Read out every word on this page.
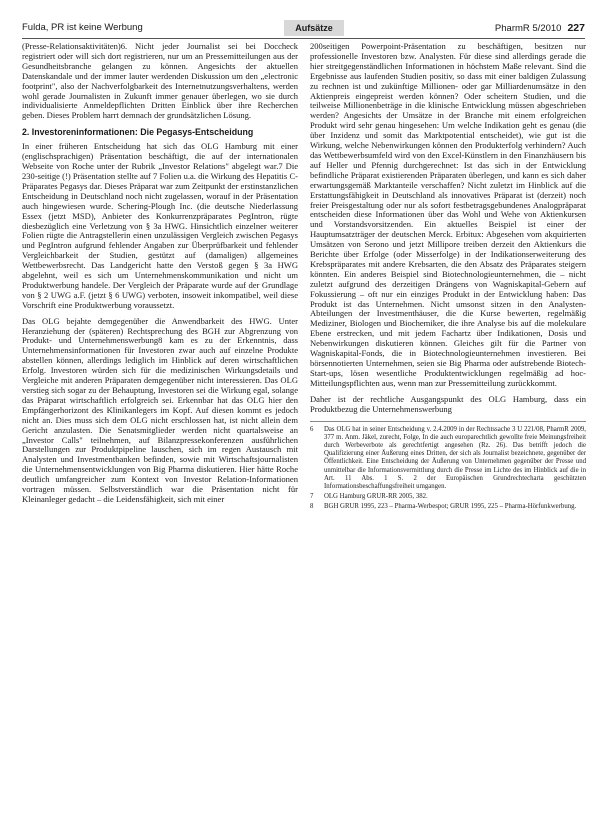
Fulda, PR ist keine Werbung	Aufsätze	PharmR 5/2010 227

(Presse-Relationsaktivitäten)6. Nicht jeder Journalist sei bei Doccheck registriert oder will sich dort registrieren, nur um an Pressemitteilungen aus der Gesundheitsbranche gelangen zu können. Angesichts der aktuellen Datenskandale und der immer lauter werdenden Diskussion um den „electronic footprint", also der Nachverfolgbarkeit des Internetnutzungsverhaltens, werden wohl gerade Journalisten in Zukunft immer genauer überlegen, wo sie durch individualisierte Anmeldepflichten Dritten Einblick über ihre Recherchen geben. Dieses Problem harrt demnach der grundsätzlichen Lösung.

2. Investoreninformationen: Die Pegasys-Entscheidung

In einer früheren Entscheidung hat sich das OLG Hamburg mit einer (englischsprachigen) Präsentation beschäftigt, die auf der internationalen Webseite von Roche unter der Rubrik „Investor Relations" abgelegt war.7 Die 230-seitige (!) Präsentation stellte auf 7 Folien u.a. die Wirkung des Hepatitis C-Präparates Pegasys dar. Dieses Präparat war zum Zeitpunkt der erstinstanzlichen Entscheidung in Deutschland noch nicht zugelassen, worauf in der Präsentation auch hingewiesen wurde. Schering-Plough Inc. (die deutsche Niederlassung Essex (jetzt MSD), Anbieter des Konkurrenzpräparates PegIntron, rügte diesbezüglich eine Verletzung von § 3a HWG. Hinsichtlich einzelner weiterer Folien rügte die Antragstellerin einen unzulässigen Vergleich zwischen Pegasys und PegIntron aufgrund fehlender Angaben zur Überprüfbarkeit und fehlender Vergleichbarkeit der Studien, gestützt auf (damaligen) allgemeines Wettbewerbsrecht. Das Landgericht hatte den Verstoß gegen § 3a HWG abgelehnt, weil es sich um Unternehmenskommunikation und nicht um Produktwerbung handele. Der Vergleich der Präparate wurde auf der Grundlage von § 2 UWG a.F. (jetzt § 6 UWG) verboten, insoweit inkompatibel, weil diese Vorschrift eine Produktwerbung voraussetzt.

Das OLG bejahte demgegenüber die Anwendbarkeit des HWG. Unter Heranziehung der (späteren) Rechtsprechung des BGH zur Abgrenzung von Produkt- und Unternehmenswerbung8 kam es zu der Erkenntnis, dass Unternehmensinformationen für Investoren zwar auch auf einzelne Produkte abstellen können, allerdings lediglich im Hinblick auf deren wirtschaftlichen Erfolg. Investoren würden sich für die medizinischen Wirkungsdetails und Vergleiche mit anderen Präparaten demgegenüber nicht interessieren. Das OLG verstieg sich sogar zu der Behauptung, Investoren sei die Wirkung egal, solange das Präparat wirtschaftlich erfolgreich sei. Erkennbar hat das OLG hier den Empfängerhorizont des Klinikanlegers im Kopf. Auf diesen kommt es jedoch nicht an. Dies muss sich dem OLG nicht erschlossen hat, ist nicht allein dem Gericht anzulasten. Die Senatsmitglieder werden nicht quartalsweise an „Investor Calls" teilnehmen, auf Bilanzpressekonferenzen ausführlichen Darstellungen zur Produktpipeline lauschen, sich im regen Austausch mit Analysten und Investmentbanken befinden, sowie mit Wirtschaftsjournalisten die Unternehmensentwicklungen von Big Pharma diskutieren. Hier hätte Roche deutlich umfangreicher zum Kontext von Investor Relation-Informationen vortragen müssen. Selbstverständlich war die Präsentation nicht für Kleinanleger gedacht – die Leidensfähigkeit, sich mit einer

200seitigen Powerpoint-Präsentation zu beschäftigen, besitzen nur professionelle Investoren bzw. Analysten. Für diese sind allerdings gerade die hier streitgegenständlichen Informationen in höchstem Maße relevant. Sind die Ergebnisse aus laufenden Studien positiv, so dass mit einer baldigen Zulassung zu rechnen ist und zukünftige Millionen- oder gar Milliardenumsätze in den Aktienpreis eingepreist werden können? Oder scheitern Studien, und die teilweise Millionenbeträge in die klinische Entwicklung müssen abgeschrieben werden? Angesichts der Umsätze in der Branche mit einem erfolgreichen Produkt wird sehr genau hingesehen: Um welche Indikation geht es genau (die über Inzidenz und somit das Marktpotential entscheidet), wie gut ist die Wirkung, welche Nebenwirkungen können den Produkterfolg verhindern? Auch das Wettbewerbsumfeld wird von den Excel-Künstlern in den Finanzhäusern bis auf Heller und Pfennig durchgerechnet: Ist das sich in der Entwicklung befindliche Präparat existierenden Präparaten überlegen, und kann es sich daher erwartungsgemäß Marktanteile verschaffen? Nicht zuletzt im Hinblick auf die Erstattungsfähigkeit in Deutschland als innovatives Präparat ist (derzeit) noch freier Preisgestaltung oder nur als sofort festbetragsgebundenes Analogpräparat entscheiden diese Informationen über das Wohl und Wehe von Aktienkursen und Vorstandsvorsitzenden. Ein aktuelles Beispiel ist einer der Hauptumsatzträger der deutschen Merck. Erbitux: Abgesehen vom akquirierten Umsätzen von Serono und jetzt Millipore treiben derzeit den Aktienkurs die Berichte über Erfolge (oder Misserfolge) in der Indikationserweiterung des Krebspräparates mit andere Krebsarten, die den Absatz des Präparates steigern könnten. Ein anderes Beispiel sind Biotechnologieunternehmen, die – nicht zuletzt aufgrund des derzeitigen Drängens von Wagniskapital-Gebern auf Fokussierung – oft nur ein einziges Produkt in der Entwicklung haben: Das Produkt ist das Unternehmen. Nicht umsonst sitzen in den Analysten-Abteilungen der Investmenthäuser, die die Kurse bewerten, regelmäßig Mediziner, Biologen und Biochemiker, die ihre Analyse bis auf die molekulare Ebene erstrecken, und mit jedem Fachartz über Indikationen, Dosis und Nebenwirkungen diskutieren können. Gleiches gilt für die Partner von Wagniskapital-Fonds, die in Biotechnologieunternehmen investieren. Bei börsennotierten Unternehmen, seien sie Big Pharma oder aufstrebende Biotech-Start-ups, lösen wesentliche Produktentwicklungen regelmäßig ad hoc-Mitteilungspflichten aus, wenn man zur Pressemitteilung zurückkommt.

Daher ist der rechtliche Ausgangspunkt des OLG Hamburg, dass ein Produktbezug die Unternehmenswerbung

6	Das OLG hat in seiner Entscheidung v. 2.4.2009 in der Rechtssache 3 U 221/08, PharmR 2009, 377 m. Anm. Jäkel, zurecht, Folge, In die auch europarechtlich gewollte freie Meinungsfreiheit durch Werbeverbote als gerechtfertigt angesehen (Rz. 26). Das betrifft jedoch die Qualifizierung einer Äußerung eines Dritten, der sich als Journalist bezeichnete, gegenüber der Öffentlichkeit. Eine Entscheidung der Äußerung von Unternehmen gegenüber der Presse und unmittelbar die Informationsvermittlung durch die Presse im Lichte des im Hinblick auf die in Art. 11 Abs. 1 S. 2 der Europäischen Grundrechtecharta geschützten Informationsbeschaffungsfreiheit umgangen.
7	OLG Hamburg GRUR-RR 2005, 382.
8	BGH GRUR 1995, 223 – Pharma-Werbespot; GRUR 1995, 225 – Pharma-Hörfunkwerbung.
